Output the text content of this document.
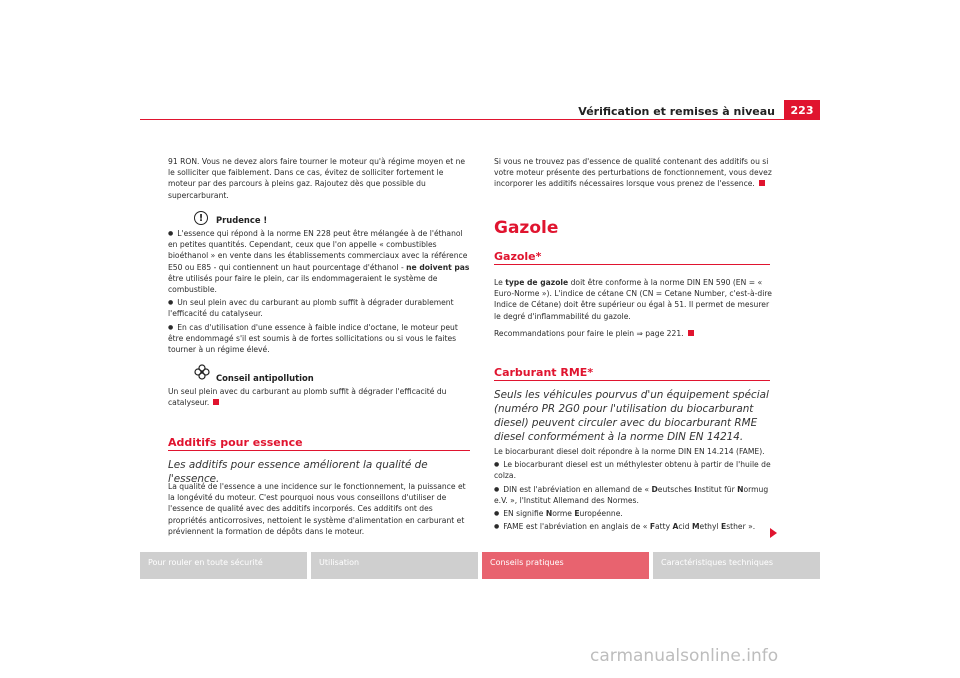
Vérification et remises à niveau	223

91 RON. Vous ne devez alors faire tourner le moteur qu'à régime moyen et ne le solliciter que faiblement. Dans ce cas, évitez de solliciter fortement le moteur par des parcours à pleins gaz. Rajoutez dès que possible du supercarburant.

!	Prudence !

● L'essence qui répond à la norme EN 228 peut être mélangée à de l'éthanol en petites quantités. Cependant, ceux que l'on appelle « combustibles bioéthanol » en vente dans les établissements commerciaux avec la référence E50 ou E85 - qui contiennent un haut pourcentage d'éthanol - ne doivent pas être utilisés pour faire le plein, car ils endommageraient le système de combustible.

● Un seul plein avec du carburant au plomb suffit à dégrader durablement l'efficacité du catalyseur.

● En cas d'utilisation d'une essence à faible indice d'octane, le moteur peut être endommagé s'il est soumis à de fortes sollicitations ou si vous le faites tourner à un régime élevé.

Conseil antipollution

Un seul plein avec du carburant au plomb suffit à dégrader l'efficacité du catalyseur.

Additifs pour essence
Les additifs pour essence améliorent la qualité de l'essence.

La qualité de l'essence a une incidence sur le fonctionnement, la puissance et la longévité du moteur. C'est pourquoi nous vous conseillons d'utiliser de l'essence de qualité avec des additifs incorporés. Ces additifs ont des propriétés anticorrosives, nettoient le système d'alimentation en carburant et préviennent la formation de dépôts dans le moteur.

Si vous ne trouvez pas d'essence de qualité contenant des additifs ou si votre moteur présente des perturbations de fonctionnement, vous devez incorporer les additifs nécessaires lorsque vous prenez de l'essence.

Gazole
Gazole*

Le type de gazole doit être conforme à la norme DIN EN 590 (EN = « Euro-Norme »). L'indice de cétane CN (CN = Cetane Number, c'est-à-dire Indice de Cétane) doit être supérieur ou égal à 51. Il permet de mesurer le degré d'inflammabilité du gazole.

Recommandations pour faire le plein ⇒ page 221.

Carburant RME*
Seuls les véhicules pourvus d'un équipement spécial (numéro PR 2G0 pour l'utilisation du biocarburant diesel) peuvent circuler avec du biocarburant RME diesel conformément à la norme DIN EN 14214.

Le biocarburant diesel doit répondre à la norme DIN EN 14.214 (FAME).

● Le biocarburant diesel est un méthylester obtenu à partir de l'huile de colza.

● DIN est l'abréviation en allemand de « Deutsches Institut für Normug e.V. », l'Institut Allemand des Normes.

● EN signifie Norme Européenne.

● FAME est l'abréviation en anglais de « Fatty Acid Methyl Esther ».

Pour rouler en toute sécurité	Utilisation	Conseils pratiques	Caractéristiques techniques
carmanualsonline.info
